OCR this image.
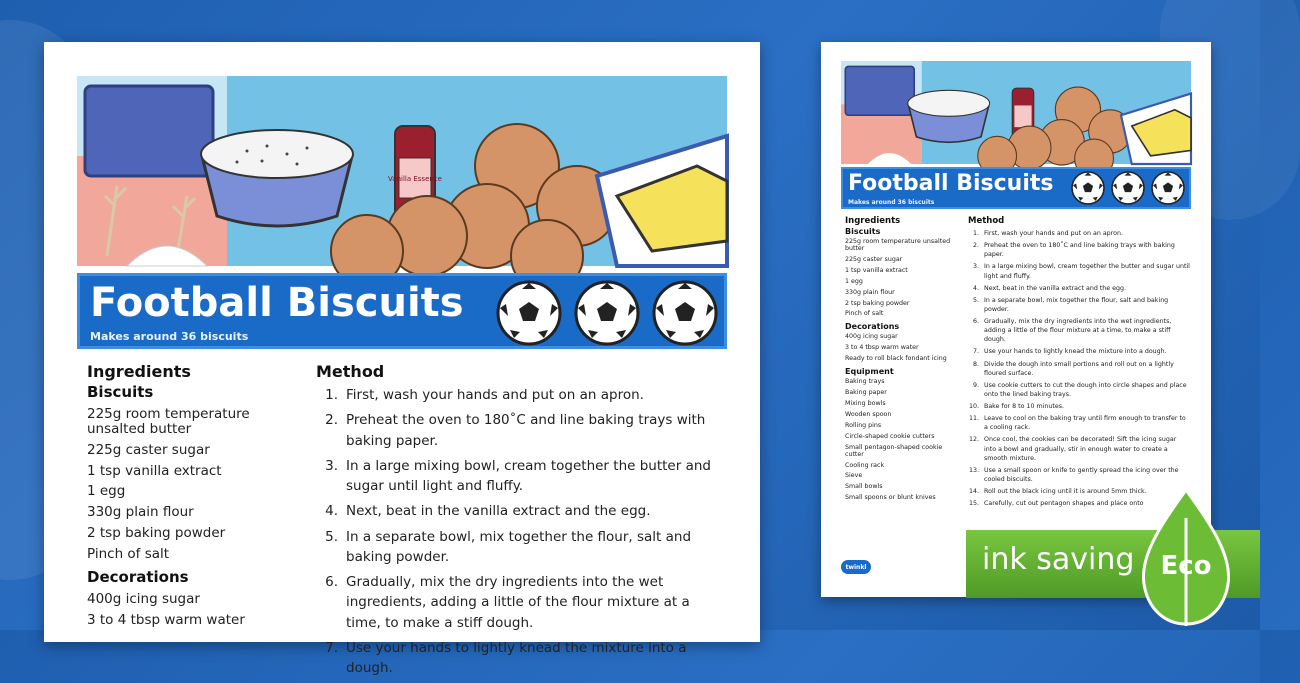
Vanilla Essence
Football Biscuits
Makes around 36 biscuits
Ingredients
Biscuits
225g room temperature unsalted butter
225g caster sugar
1 tsp vanilla extract
1 egg
330g plain flour
2 tsp baking powder
Pinch of salt
Decorations
400g icing sugar
3 to 4 tbsp warm water
Method
1. First, wash your hands and put on an apron.
2. Preheat the oven to 180˚C and line baking trays with baking paper.
3. In a large mixing bowl, cream together the butter and sugar until light and fluffy.
4. Next, beat in the vanilla extract and the egg.
5. In a separate bowl, mix together the flour, salt and baking powder.
6. Gradually, mix the dry ingredients into the wet ingredients, adding a little of the flour mixture at a time, to make a stiff dough.
7. Use your hands to lightly knead the mixture into a dough.
Football Biscuits
Makes around 36 biscuits
Ingredients
Biscuits
225g room temperature unsalted butter
225g caster sugar
1 tsp vanilla extract
1 egg
330g plain flour
2 tsp baking powder
Pinch of salt
Decorations
400g icing sugar
3 to 4 tbsp warm water
Ready to roll black fondant icing
Equipment
Baking trays
Baking paper
Mixing bowls
Wooden spoon
Rolling pins
Circle-shaped cookie cutters
Small pentagon-shaped cookie cutter
Cooling rack
Sieve
Small bowls
Small spoons or blunt knives
Method
1. First, wash your hands and put on an apron.
2. Preheat the oven to 180˚C and line baking trays with baking paper.
3. In a large mixing bowl, cream together the butter and sugar until light and fluffy.
4. Next, beat in the vanilla extract and the egg.
5. In a separate bowl, mix together the flour, salt and baking powder.
6. Gradually, mix the dry ingredients into the wet ingredients, adding a little of the flour mixture at a time, to make a stiff dough.
7. Use your hands to lightly knead the mixture into a dough.
8. Divide the dough into small portions and roll out on a lightly floured surface.
9. Use cookie cutters to cut the dough into circle shapes and place onto the lined baking trays.
10. Bake for 8 to 10 minutes.
11. Leave to cool on the baking tray until firm enough to transfer to a cooling rack.
12. Once cool, the cookies can be decorated! Sift the icing sugar into a bowl and gradually, stir in enough water to create a smooth mixture.
13. Use a small spoon or knife to gently spread the icing over the cooled biscuits.
14. Roll out the black icing until it is around 5mm thick.
15. Carefully, cut out pentagon shapes and place onto
twinkl	ink saving Eco
